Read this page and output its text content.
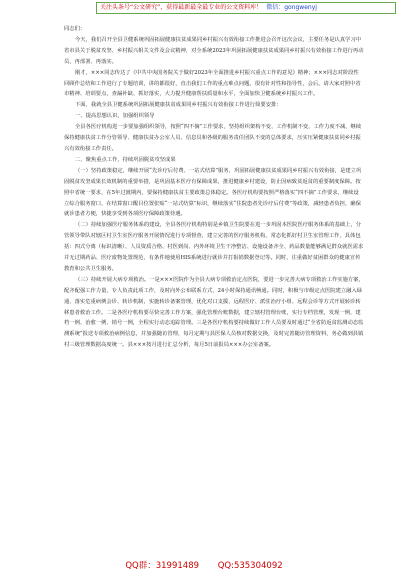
关注头条号“公文研究”，获得最新最全最专业的公文资料库！ 微信：gongwenyj

同志们：

今天，我们召开全县卫健系统巩固拓展健康扶贫成果同乡村振兴有效衔接工作推进会召开这次会议，主要任务是认真学习中省市县关于脱贫攻坚、乡村振兴相关文件及会议精神，对全系统2023年巩固拓展健康扶贫成果同乡村振兴有效衔接工作进行再动员、再部署、再落实。

刚才，×××同志传达了《中共中央国务院关于做好2023年全面推进乡村振兴重点工作的意见》精神；×××同志对阶段性回顾作总结和工作进行了专题培训，讲的都很好，直击我们工作的重点难点问题，很有针对性和指导性，会后，请大家对照中省市精神、培训要点，查漏补缺、抓好落实，大力提升健康帮扶质量和水平，全面加快卫健系统乡村振兴工作。

下面，我就全县卫健系统巩固拓展健康扶贫成果同乡村振兴有效衔接工作进行简要安排：

一、提高思想认识，加强组织领导

全县各医疗机构进一步要加强组织领导，按照“四不摘”工作要求，坚持组织架构不变、工作机制不变、工作力度不减，继续保持健康扶贫工作分管领导、健康扶贫办公室人员、信息员和各级的服务责任团队不变的总体要求，压实压紧健康扶贫同乡村振兴有效衔接工作责任。

二、聚焦重点工作，持续巩固脱贫攻坚成果

（一）坚持政策稳定，继续开展“先诊疗后付费、一站式结算”服务，巩固拓展健康扶贫成果同乡村振兴有效衔接，是建立巩固脱贫攻坚成果长效机制的重要举措，是巩固基本医疗有保障成果，推进健康乡村建设，防止因病致贫返贫的重要制度保障。按照中省统一要求，在5年过渡期内，要保持健康扶贫主要政策总体稳定。各医疗机构要按照严格落实“四不摘”工作要求，继续设立综合服务窗口，在结算窗口醒目位置张贴“一站式结算”标识，继续落实“住院患者先诊疗后付费”等政策，减轻患者负担，确保就诊患者方便，快捷享受到各项医疗保障政策待遇。

（二）持续加强医疗服务体系的建设，全县各医疗机构特别是乡镇卫生院要在进一步巩固本医院医疗服务体系的基础上，分管领导带队对辖区村卫生室医疗服务开展情况进行专项督查，建立完善的医疗服务机构，常态化抓好村卫生室管理工作，具体包括：四式分离（标识清晰）、人员资质合格、村医到岗、内外环境卫生干净整洁、设施设备齐全、药品数量能够满足群众就医需求并无过期药品、医疗废物处置规范、有条件地使用HIS系统进行就诊并打报销数据登记等。同时，注重做好贫困群众的健康宣传教育和公共卫生服务。

（三）持续开展大病专项救治。一是×××医院作为全县大病专项救治定点医院，要进一步完善大病专项救治工作实施方案，配齐配强工作力量，专人负责此项工作，及时向外公布联系方式，24小时保持通讯畅通。同时，积极与市级定点医院建立融入绿通、落实危重病例会诊、转诊机制，实施转诊备案管理，优化对口支援、远程医疗、派驻治疗小组、远程会诊等方式开展转诊转移患者救治工作。二是各医疗机构要尽快完善工作方案，强化管理台账数据，建立辖村管理台账，实行专档管理，发现一例、建档一例、治愈一例、销号一例，全程实行动态追踪管理。三是各医疗机构要持续做好工作人员要及时通过“全省防返贫监测动态监测系统”报送专项救治病例信息，并加强随访管理，每月定期与县医保人员核对数据交换，及时完善随访管理资料，务必做到县镇村三级管理数据高度统一。县×××按月进行汇总分析，每月5日前报局×××办公室备案。

QQ群：31991489 QQ:535304092
